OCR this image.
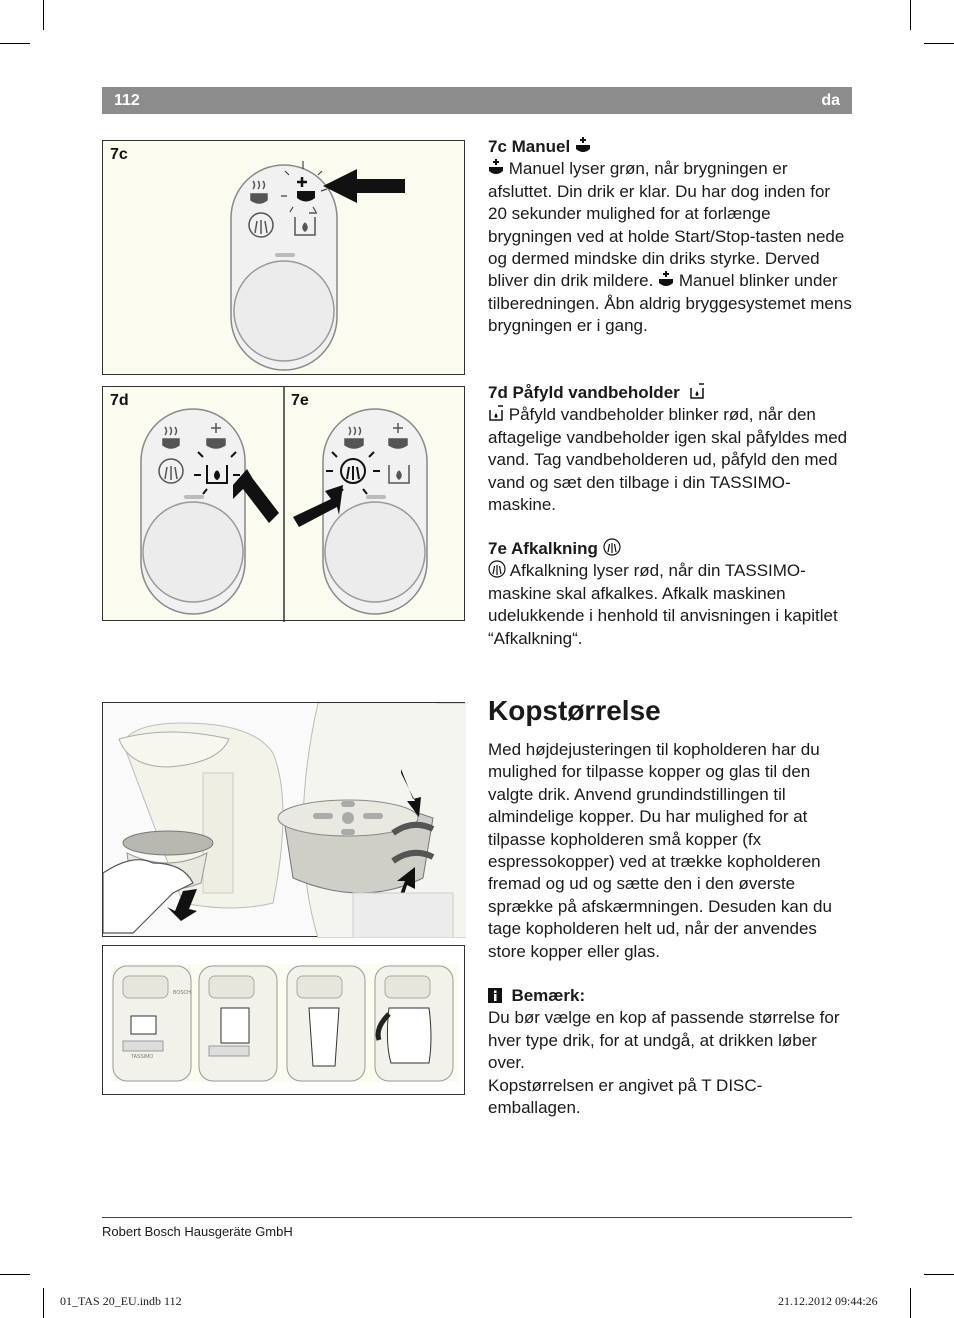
112	da
7c
7d	7e

7c Manuel

Manuel lyser grøn, når brygningen er afsluttet. Din drik er klar. Du har dog inden for 20 sekunder mulighed for at forlænge brygningen ved at holde Start/Stop-tasten nede og dermed mindske din driks styrke. Derved bliver din drik mildere. Manuel blinker under tilberedningen. Åbn aldrig bryggesystemet mens brygningen er i gang.

7d Påfyld vandbeholder

Påfyld vandbeholder blinker rød, når den aftagelige vandbeholder igen skal påfyldes med vand. Tag vandbeholderen ud, påfyld den med vand og sæt den tilbage i din TASSIMO-maskine.

7e Afkalkning

Afkalkning lyser rød, når din TASSIMO-maskine skal afkalkes. Afkalk maskinen udelukkende i henhold til anvisningen i kapitlet “Afkalkning“.

BOSCH
TASSIMO
Kopstørrelse

Med højdejusteringen til kopholderen har du mulighed for tilpasse kopper og glas til den valgte drik. Anvend grundindstillingen til almindelige kopper. Du har mulighed for at tilpasse kopholderen små kopper (fx espressokopper) ved at trække kopholderen fremad og ud og sætte den i den øverste sprække på afskærmningen. Desuden kan du tage kopholderen helt ud, når der anvendes store kopper eller glas.

Bemærk:

Du bør vælge en kop af passende størrelse for hver type drik, for at undgå, at drikken løber over.

Kopstørrelsen er angivet på T DISC-emballagen.

Robert Bosch Hausgeräte GmbH
01_TAS 20_EU.indb 112	21.12.2012 09:44:26
